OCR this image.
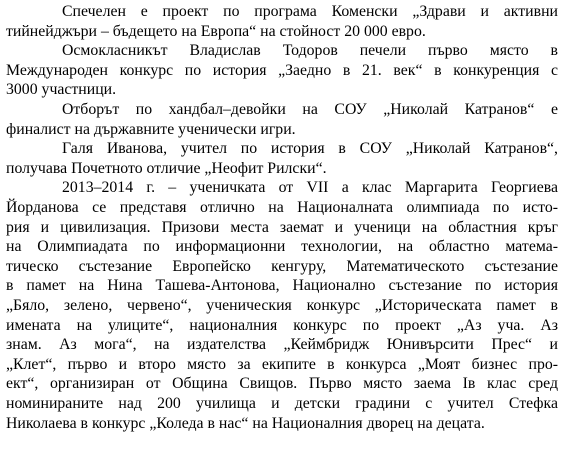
Спечелен е проект по програма Коменски „Здрави и активни
тийнейджъри – бъдещето на Европа“ на стойност 20 000 евро.
Осмокласникът Владислав Тодоров печели първо място в
Международен конкурс по история „Заедно в 21. век“ в конкуренция с
3000 участници.
Отборът по хандбал–девойки на СОУ „Николай Катранов“ е
финалист на държавните ученически игри.
Галя Иванова, учител по история в СОУ „Николай Катранов“,
получава Почетното отличие „Неофит Рилски“.
2013–2014 г. – ученичката от VII а клас Маргарита Георгиева
Йорданова се представя отлично на Националната олимпиада по исто-
рия и цивилизация. Призови места заемат и ученици на областния кръг
на Олимпиадата по информационни технологии, на областно матема-
тическо състезание Европейско кенгуру, Математическото състезание
в памет на Нина Ташева-Антонова, Национално състезание по история
„Бяло, зелено, червено“, ученическия конкурс „Историческата памет в
имената на улиците“, националния конкурс по проект „Аз уча. Аз
знам. Аз мога“, на издателства „Кеймбридж Юнивърсити Прес“ и
„Клет“, първо и второ място за екипите в конкурса „Моят бизнес про-
ект“, организиран от Община Свищов. Първо място заема Iв клас сред
номинираните над 200 училища и детски градини с учител Стефка
Николаева в конкурс „Коледа в нас“ на Националния дворец на децата.
